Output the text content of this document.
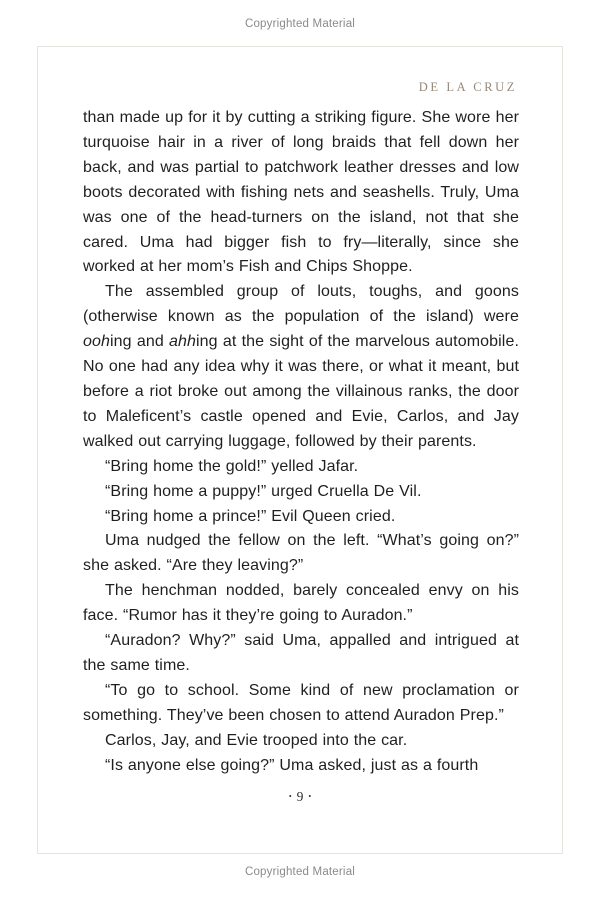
Copyrighted Material
DE LA CRUZ

than made up for it by cutting a striking figure. She wore her turquoise hair in a river of long braids that fell down her back, and was partial to patchwork leather dresses and low boots decorated with fishing nets and seashells. Truly, Uma was one of the head-turners on the island, not that she cared. Uma had bigger fish to fry—literally, since she worked at her mom’s Fish and Chips Shoppe.

The assembled group of louts, toughs, and goons (otherwise known as the population of the island) were oohing and ahhing at the sight of the marvelous automobile. No one had any idea why it was there, or what it meant, but before a riot broke out among the villainous ranks, the door to Maleficent’s castle opened and Evie, Carlos, and Jay walked out carrying luggage, followed by their parents.

“Bring home the gold!” yelled Jafar.

“Bring home a puppy!” urged Cruella De Vil.

“Bring home a prince!” Evil Queen cried.

Uma nudged the fellow on the left. “What’s going on?” she asked. “Are they leaving?”

The henchman nodded, barely concealed envy on his face. “Rumor has it they’re going to Auradon.”

“Auradon? Why?” said Uma, appalled and intrigued at the same time.

“To go to school. Some kind of new proclamation or something. They’ve been chosen to attend Auradon Prep.”

Carlos, Jay, and Evie trooped into the car.

“Is anyone else going?” Uma asked, just as a fourth

• 9 •
Copyrighted Material
